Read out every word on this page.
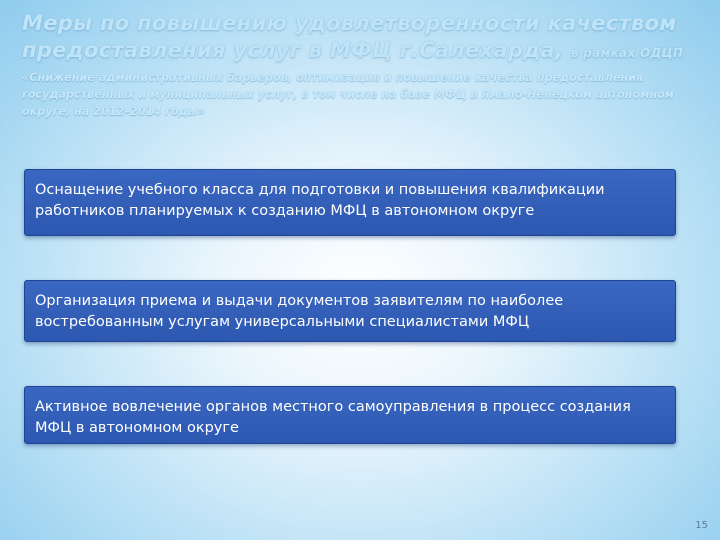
Меры по повышению удовлетворенности качеством предоставления услуг в МФЦ г.Салехарда, в рамках ОДЦП
«Снижение административных барьеров, оптимизация и повышение качества предоставления государственных и муниципальных услуг, в том числе на базе МФЦ в Ямало-Ненецком автономном округе, на 2012–2014 годы»
Оснащение учебного класса для подготовки и повышения квалификации работников планируемых к созданию МФЦ в автономном округе
Организация приема и выдачи документов заявителям по наиболее востребованным услугам универсальными специалистами МФЦ
Активное вовлечение органов местного самоуправления в процесс создания МФЦ в автономном округе
15
